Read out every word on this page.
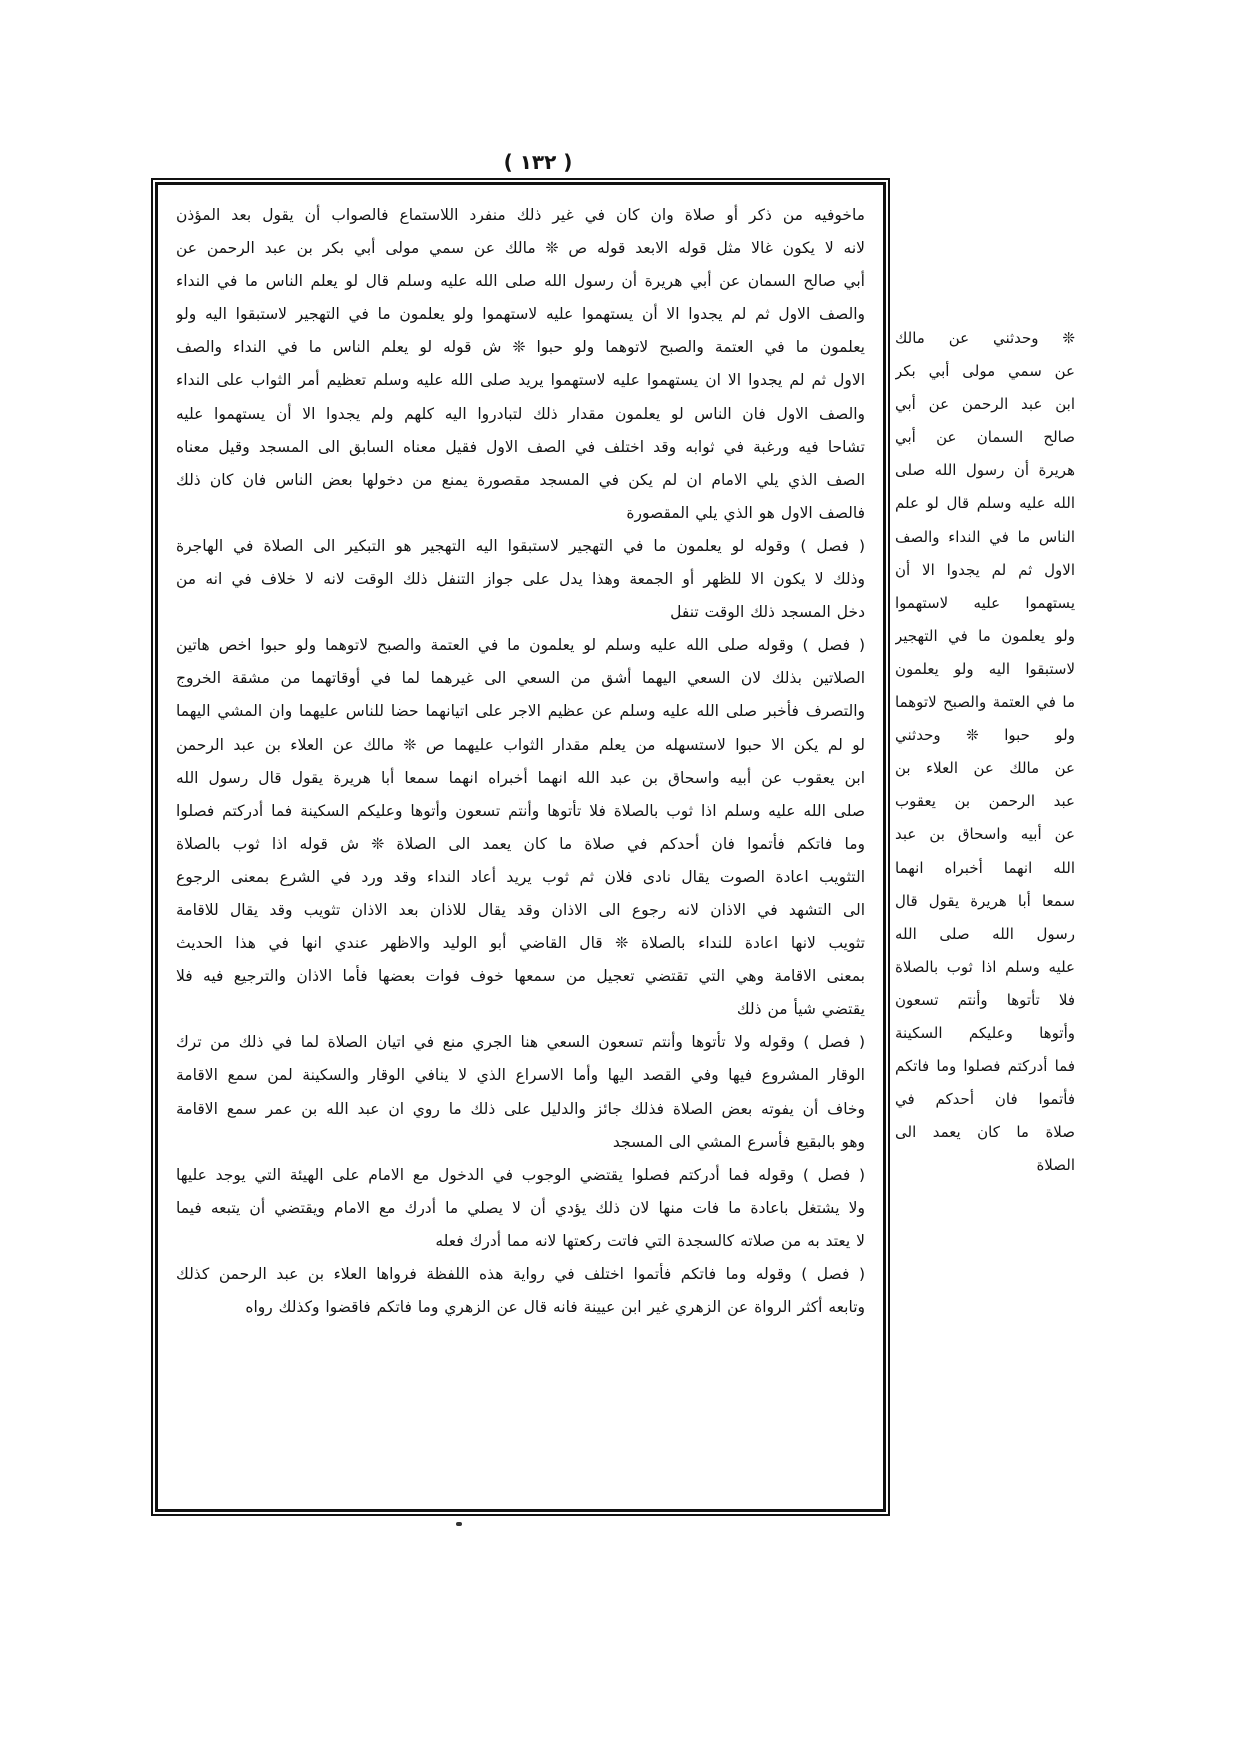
( ١٣٢ )
ماخوفيه من ذكر أو صلاة وان كان في غير ذلك منفرد اللاستماع فالصواب أن يقول بعد المؤذن
لانه لا يكون غالا مثل قوله الابعد قوله ص ❊ مالك عن سمي مولى أبي بكر بن عبد الرحمن عن
أبي صالح السمان عن أبي هريرة أن رسول الله صلى الله عليه وسلم قال لو يعلم الناس ما في النداء
والصف الاول ثم لم يجدوا الا أن يستهموا عليه لاستهموا ولو يعلمون ما في التهجير لاستبقوا اليه ولو
يعلمون ما في العتمة والصبح لاتوهما ولو حبوا ❊ ش قوله لو يعلم الناس ما في النداء والصف
الاول ثم لم يجدوا الا ان يستهموا عليه لاستهموا يريد صلى الله عليه وسلم تعظيم أمر الثواب على النداء
والصف الاول فان الناس لو يعلمون مقدار ذلك لتبادروا اليه كلهم ولم يجدوا الا أن يستهموا عليه
تشاحا فيه ورغبة في ثوابه وقد اختلف في الصف الاول فقيل معناه السابق الى المسجد وقيل معناه
الصف الذي يلي الامام ان لم يكن في المسجد مقصورة يمنع من دخولها بعض الناس فان كان ذلك
فالصف الاول هو الذي يلي المقصورة
( فصل ) وقوله لو يعلمون ما في التهجير لاستبقوا اليه التهجير هو التبكير الى الصلاة في الهاجرة
وذلك لا يكون الا للظهر أو الجمعة وهذا يدل على جواز التنفل ذلك الوقت لانه لا خلاف في انه من
دخل المسجد ذلك الوقت تنفل
( فصل ) وقوله صلى الله عليه وسلم لو يعلمون ما في العتمة والصبح لاتوهما ولو حبوا اخص هاتين
الصلاتين بذلك لان السعي اليهما أشق من السعي الى غيرهما لما في أوقاتهما من مشقة الخروج
والتصرف فأخبر صلى الله عليه وسلم عن عظيم الاجر على اتيانهما حضا للناس عليهما وان المشي اليهما
لو لم يكن الا حبوا لاستسهله من يعلم مقدار الثواب عليهما ص ❊ مالك عن العلاء بن عبد الرحمن
ابن يعقوب عن أبيه واسحاق بن عبد الله انهما أخبراه انهما سمعا أبا هريرة يقول قال رسول الله
صلى الله عليه وسلم اذا ثوب بالصلاة فلا تأتوها وأنتم تسعون وأتوها وعليكم السكينة فما أدركتم فصلوا
وما فاتكم فأتموا فان أحدكم في صلاة ما كان يعمد الى الصلاة ❊ ش قوله اذا ثوب بالصلاة
التثويب اعادة الصوت يقال نادى فلان ثم ثوب يريد أعاد النداء وقد ورد في الشرع بمعنى الرجوع
الى التشهد في الاذان لانه رجوع الى الاذان وقد يقال للاذان بعد الاذان تثويب وقد يقال للاقامة
تثويب لانها اعادة للنداء بالصلاة ❊ قال القاضي أبو الوليد والاظهر عندي انها في هذا الحديث
بمعنى الاقامة وهي التي تقتضي تعجيل من سمعها خوف فوات بعضها فأما الاذان والترجيع فيه فلا
يقتضي شيأ من ذلك
( فصل ) وقوله ولا تأتوها وأنتم تسعون السعي هنا الجري منع في اتيان الصلاة لما في ذلك من ترك
الوقار المشروع فيها وفي القصد اليها وأما الاسراع الذي لا ينافي الوقار والسكينة لمن سمع الاقامة
وخاف أن يفوته بعض الصلاة فذلك جائز والدليل على ذلك ما روي ان عبد الله بن عمر سمع الاقامة
وهو بالبقيع فأسرع المشي الى المسجد
( فصل ) وقوله فما أدركتم فصلوا يقتضي الوجوب في الدخول مع الامام على الهيئة التي يوجد عليها
ولا يشتغل باعادة ما فات منها لان ذلك يؤدي أن لا يصلي ما أدرك مع الامام ويقتضي أن يتبعه فيما
لا يعتد به من صلاته كالسجدة التي فاتت ركعتها لانه مما أدرك فعله
( فصل ) وقوله وما فاتكم فأتموا اختلف في رواية هذه اللفظة فرواها العلاء بن عبد الرحمن كذلك
وتابعه أكثر الرواة عن الزهري غير ابن عيينة فانه قال عن الزهري وما فاتكم فاقضوا وكذلك رواه
❊ وحدثني عن مالك
عن سمي مولى أبي بكر
ابن عبد الرحمن عن أبي
صالح السمان عن أبي
هريرة أن رسول الله صلى
الله عليه وسلم قال لو علم
الناس ما في النداء والصف
الاول ثم لم يجدوا الا أن
يستهموا عليه لاستهموا
ولو يعلمون ما في التهجير
لاستبقوا اليه ولو يعلمون
ما في العتمة والصبح لاتوهما
ولو حبوا ❊ وحدثني
عن مالك عن العلاء بن
عبد الرحمن بن يعقوب
عن أبيه واسحاق بن عبد
الله انهما أخبراه انهما
سمعا أبا هريرة يقول قال
رسول الله صلى الله
عليه وسلم اذا ثوب بالصلاة
فلا تأتوها وأنتم تسعون
وأتوها وعليكم السكينة
فما أدركتم فصلوا وما فاتكم
فأتموا فان أحدكم في
صلاة ما كان يعمد الى
الصلاة
